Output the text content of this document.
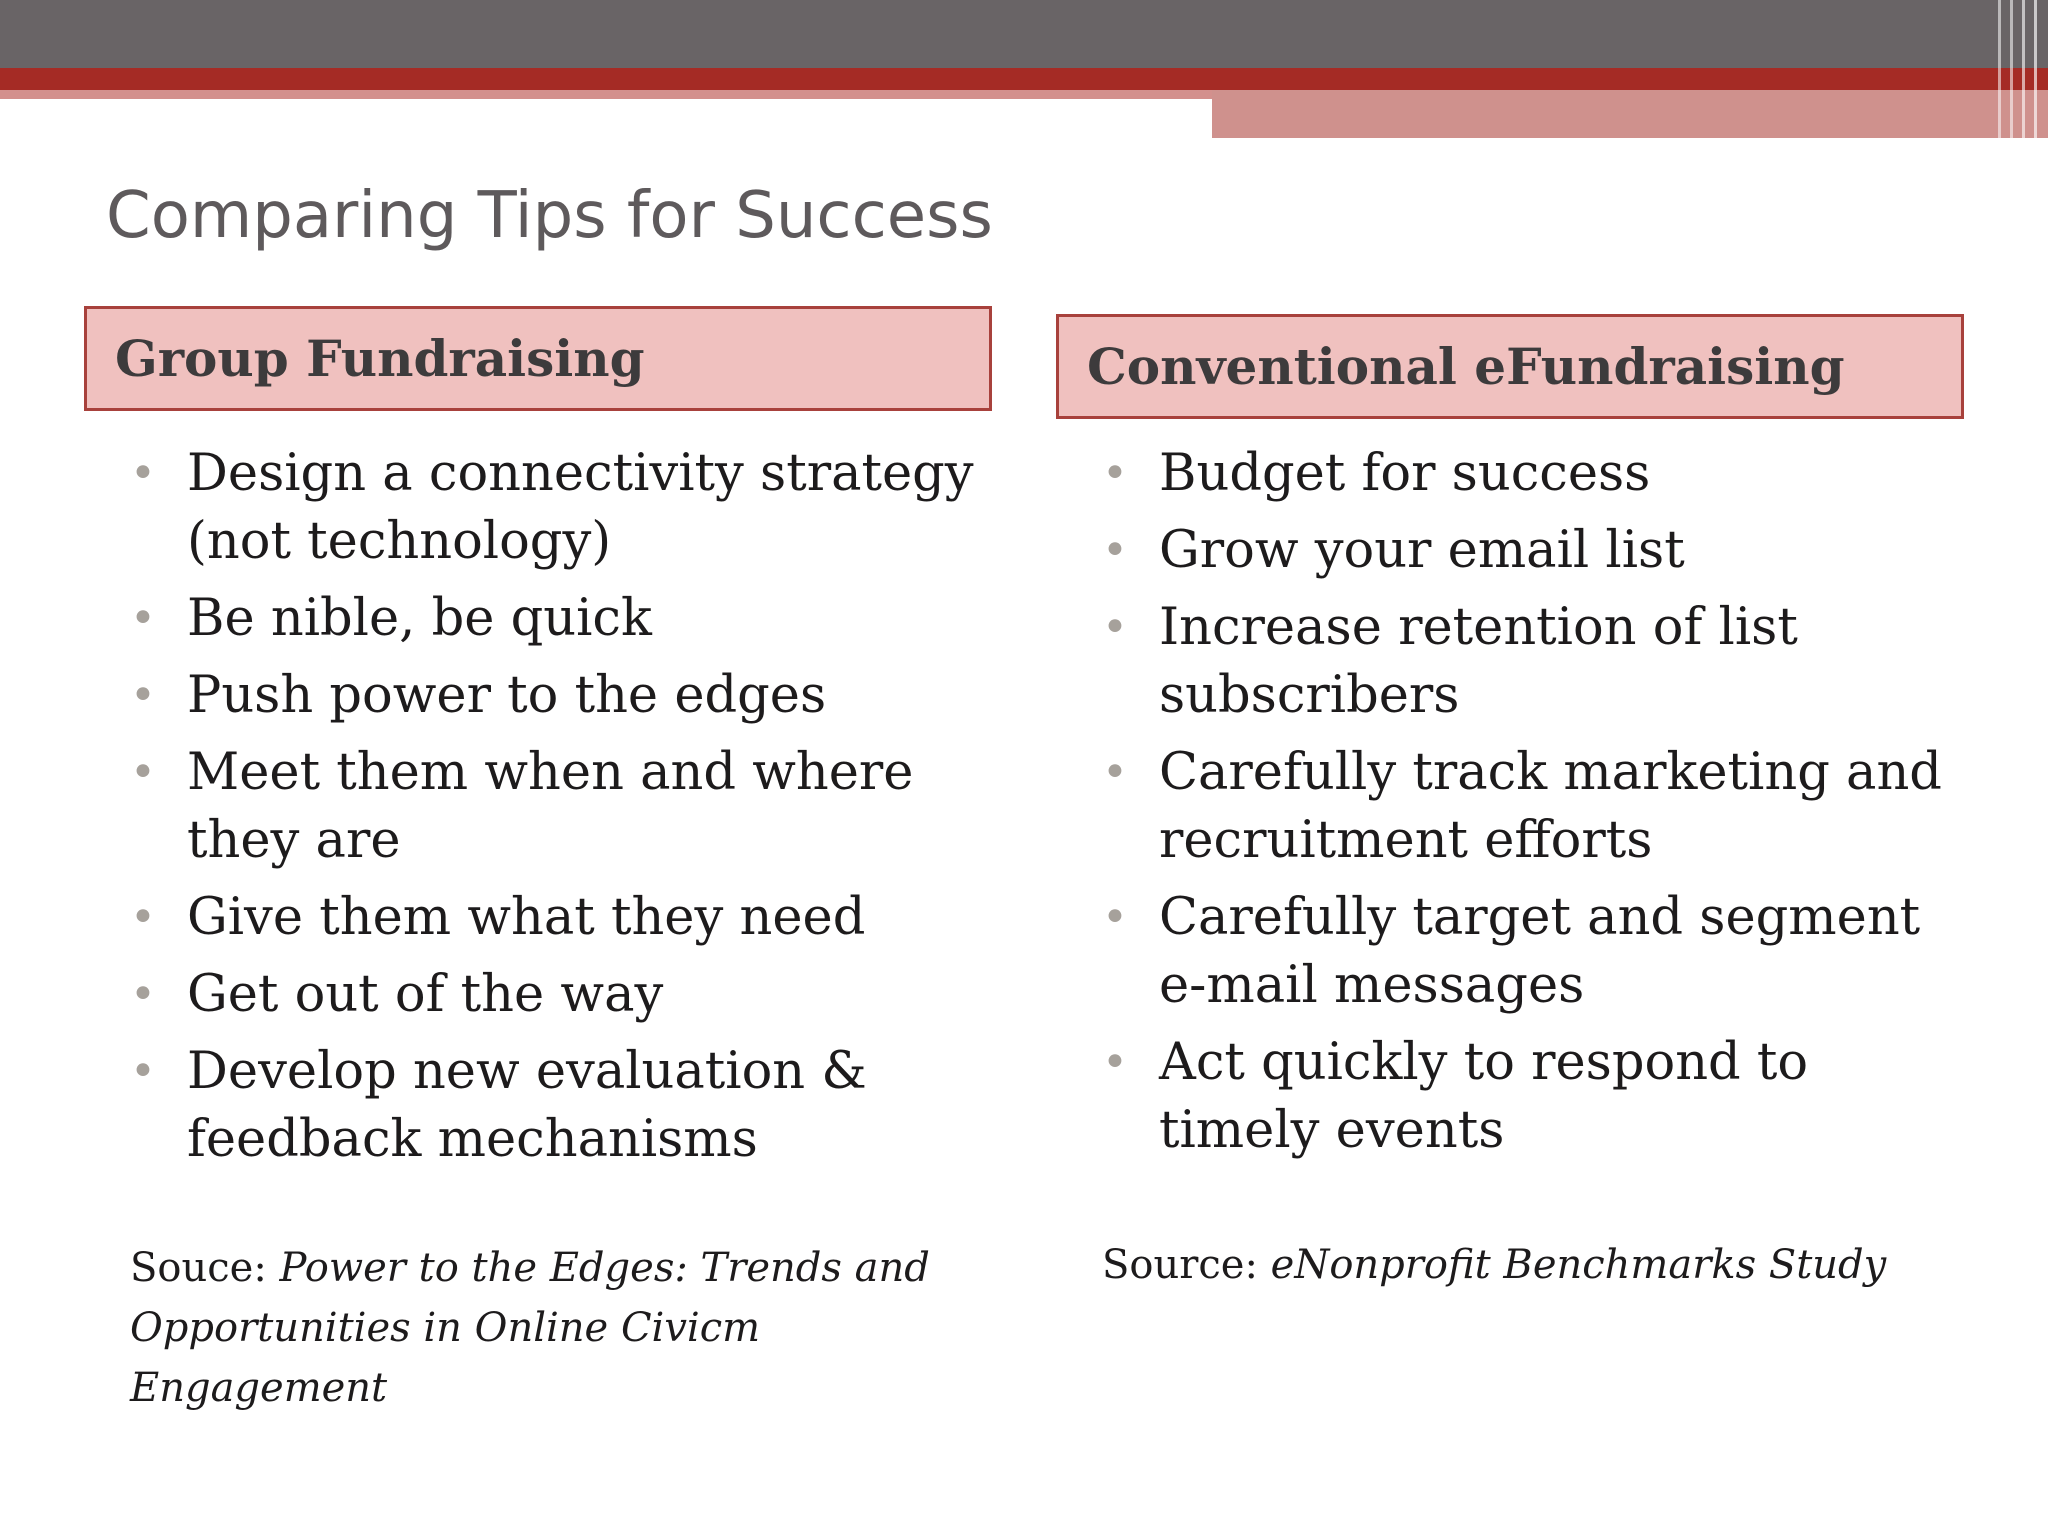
Comparing Tips for Success
Group Fundraising	Conventional eFundraising
• Design a connectivity strategy (not technology)
• Be nible, be quick
• Push power to the edges
• Meet them when and where they are
• Give them what they need
• Get out of the way
• Develop new evaluation & feedback mechanisms
• Budget for success
• Grow your email list
• Increase retention of list subscribers
• Carefully track marketing and recruitment efforts
• Carefully target and segment e-mail messages
• Act quickly to respond to timely events

Souce: Power to the Edges: Trends and Opportunities in Online Civicm Engagement

Source: eNonprofit Benchmarks Study
